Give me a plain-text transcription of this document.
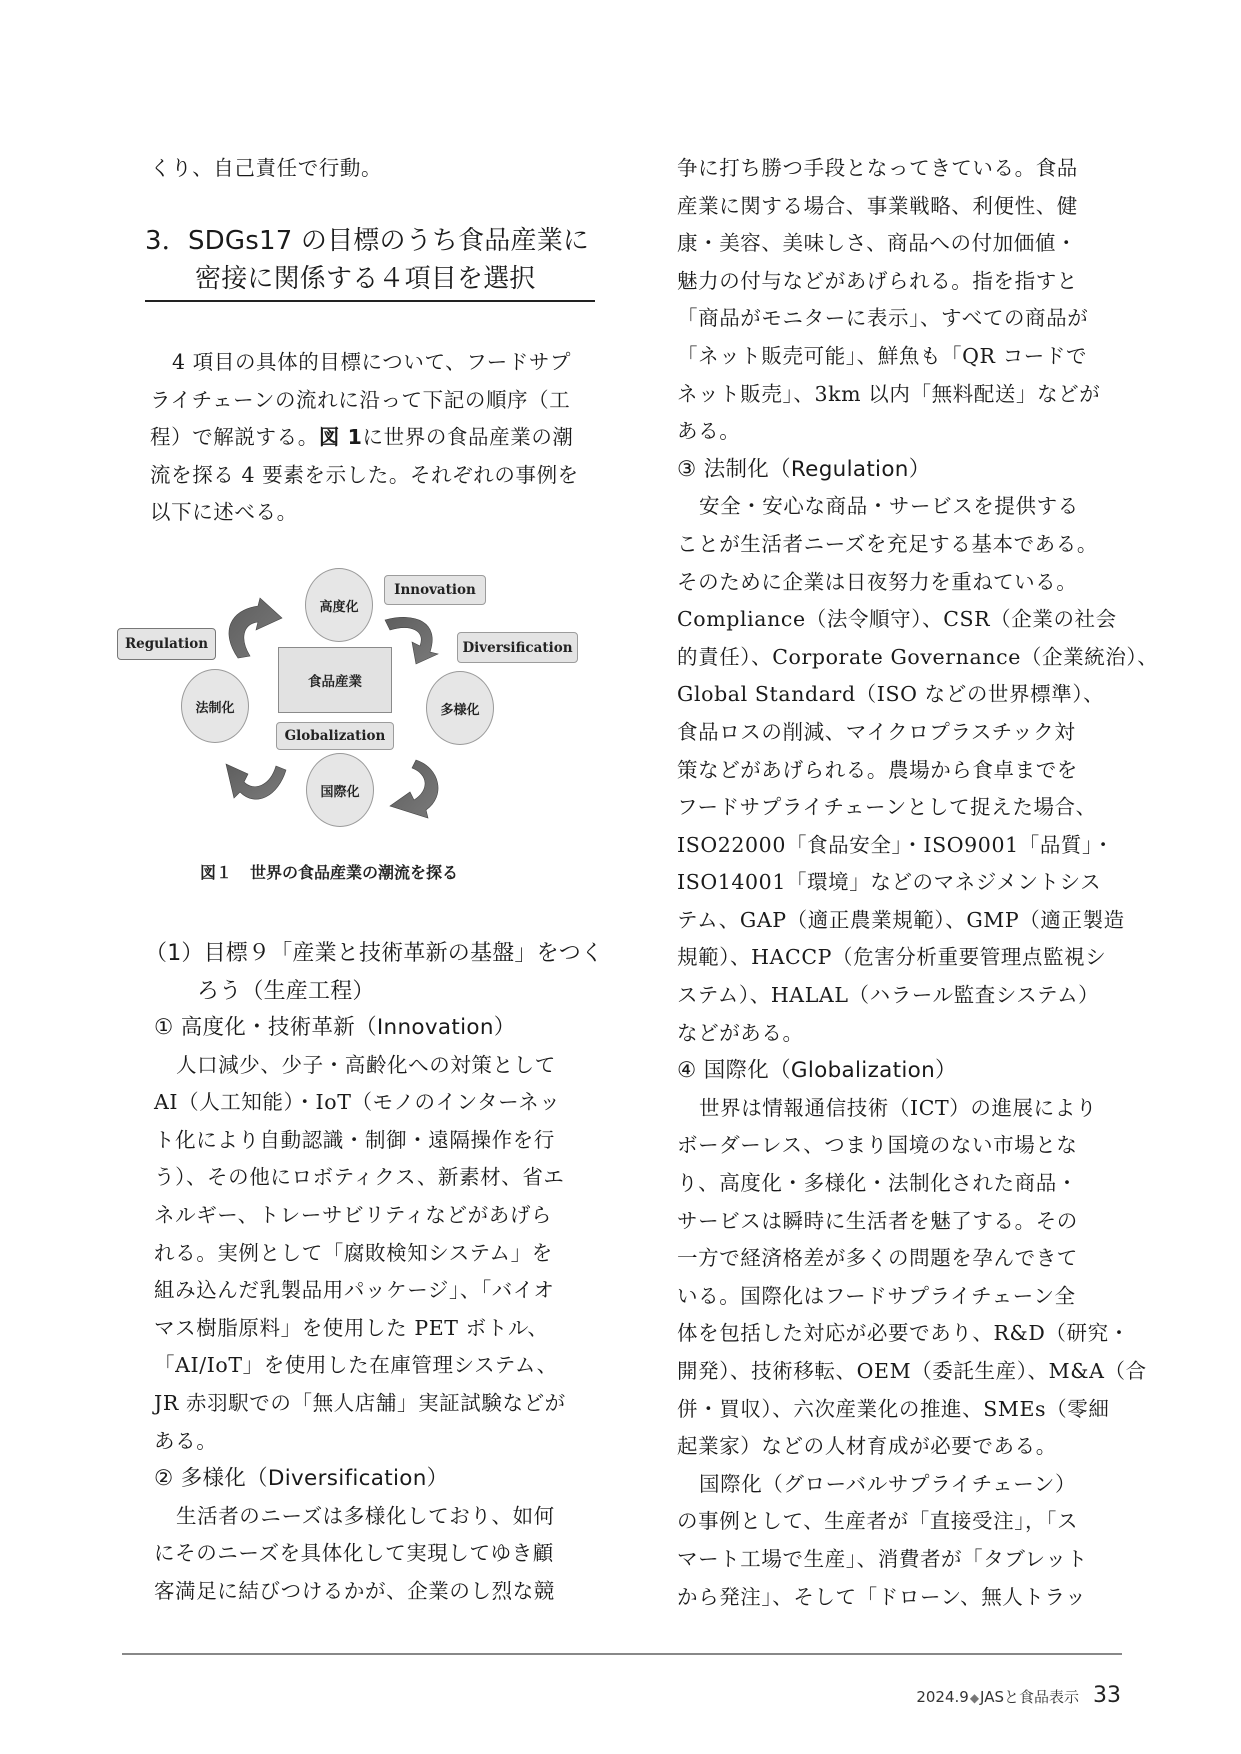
くり、自己責任で行動。
3．SDGs17 の目標のうち食品産業に
密接に関係する４項目を選択
4 項目の具体的目標について、フードサプ
ライチェーンの流れに沿って下記の順序（工
程）で解説する。図 1に世界の食品産業の潮
流を探る 4 要素を示した。それぞれの事例を
以下に述べる。
高度化
多様化
国際化
法制化
食品産業
Innovation
Diversification
Globalization
Regulation
図１ 世界の食品産業の潮流を探る
（1）目標９「産業と技術革新の基盤」をつく
ろう（生産工程）
① 高度化・技術革新（Innovation）
人口減少、少子・高齢化への対策として
AI（人工知能）・IoT（モノのインターネッ
ト化により自動認識・制御・遠隔操作を行
う）、その他にロボティクス、新素材、省エ
ネルギー、トレーサビリティなどがあげら
れる。実例として「腐敗検知システム」を
組み込んだ乳製品用パッケージ」、「バイオ
マス樹脂原料」を使用した PET ボトル、
「AI/IoT」を使用した在庫管理システム、
JR 赤羽駅での「無人店舗」実証試験などが
ある。
② 多様化（Diversification）
生活者のニーズは多様化しており、如何
にそのニーズを具体化して実現してゆき顧
客満足に結びつけるかが、企業のし烈な競
争に打ち勝つ手段となってきている。食品
産業に関する場合、事業戦略、利便性、健
康・美容、美味しさ、商品への付加価値・
魅力の付与などがあげられる。指を指すと
「商品がモニターに表示」、すべての商品が
「ネット販売可能」、鮮魚も「QR コードで
ネット販売」、3km 以内「無料配送」などが
ある。
③ 法制化（Regulation）
安全・安心な商品・サービスを提供する
ことが生活者ニーズを充足する基本である。
そのために企業は日夜努力を重ねている。
Compliance（法令順守）、CSR（企業の社会
的責任）、Corporate Governance（企業統治）、
Global Standard（ISO などの世界標準）、
食品ロスの削減、マイクロプラスチック対
策などがあげられる。農場から食卓までを
フードサプライチェーンとして捉えた場合、
ISO22000「食品安全」・ISO9001「品質」・
ISO14001「環境」などのマネジメントシス
テム、GAP（適正農業規範）、GMP（適正製造
規範）、HACCP（危害分析重要管理点監視シ
ステム）、HALAL（ハラール監査システム）
などがある。
④ 国際化（Globalization）
世界は情報通信技術（ICT）の進展により
ボーダーレス、つまり国境のない市場とな
り、高度化・多様化・法制化された商品・
サービスは瞬時に生活者を魅了する。その
一方で経済格差が多くの問題を孕んできて
いる。国際化はフードサプライチェーン全
体を包括した対応が必要であり、R&D（研究・
開発）、技術移転、OEM（委託生産）、M&A（合
併・買収）、六次産業化の推進、SMEs（零細
起業家）などの人材育成が必要である。
国際化（グローバルサプライチェーン）
の事例として、生産者が「直接受注」，「ス
マート工場で生産」、消費者が「タブレット
から発注」、そして「ドローン、無人トラッ
2024.9◆JASと食品表示 33
